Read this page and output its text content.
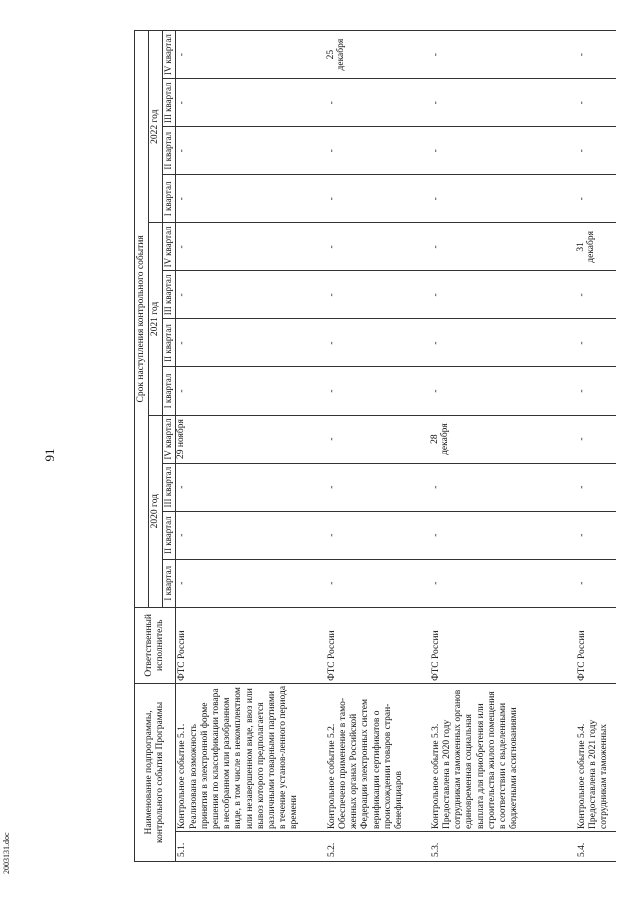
91
2003131.doc
Наименование подпрограммы, контрольного события Программы		Ответственный исполнитель	Срок наступления контрольного события											
			2020 год				2021 год				2022 год			
			I квартал	II квартал	III квартал	IV квартал	I квартал	II квартал	III квартал	IV квартал	I квартал	II квартал	III квартал	IV квартал
5.1.	Контрольное событие 5.1. Реализована возможность принятия в электронной форме решения по классификации товара в несобранном или разобранном виде, в том числе в некомплектном или незавершенном виде, ввоз или вывоз которого предполагается различными товарными партиями в течение установ-ленного периода времени	ФТС России	-	-	-	29 ноября	-	-	-	-	-	-	-	-
5.2.	Контрольное событие 5.2. Обеспечено применение в тамо-женных органах Российской Федерации электронных систем верификации сертификатов о происхождении товаров стран-бенефициаров	ФТС России	-	-	-	-	-	-	-	-	-	-	-	25 декабря
5.3.	Контрольное событие 5.3. Предоставлена в 2020 году сотрудникам таможенных органов единовременная социальная выплата для приобретения или строительства жилого помещения в соответствии с выделенными бюджетными ассигнованиями	ФТС России	-	-	-	28 декабря	-	-	-	-	-	-	-	-
5.4.	Контрольное событие 5.4. Предоставлена в 2021 году сотрудникам таможенных	ФТС России	-	-	-	-	-	-	-	31 декабря	-	-	-	-
